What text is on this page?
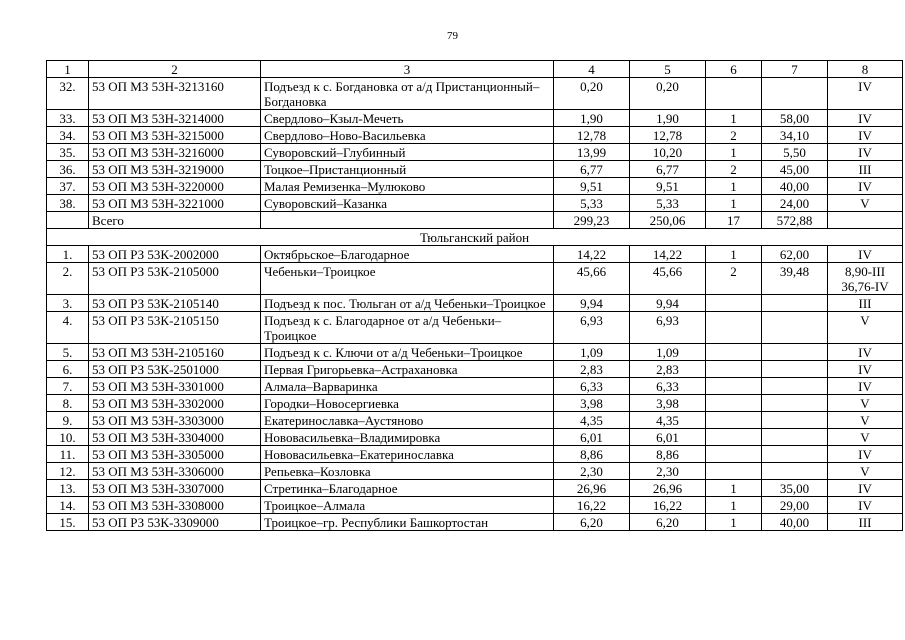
79
1	2	3	4	5	6	7	8
32.	53 ОП МЗ 53Н-3213160	Подъезд к с. Богдановка от а/д Пристанционный–Богдановка	0,20	0,20			IV
33.	53 ОП МЗ 53Н-3214000	Свердлово–Кзыл-Мечеть	1,90	1,90	1	58,00	IV
34.	53 ОП МЗ 53Н-3215000	Свердлово–Ново-Васильевка	12,78	12,78	2	34,10	IV
35.	53 ОП МЗ 53Н-3216000	Суворовский–Глубинный	13,99	10,20	1	5,50	IV
36.	53 ОП МЗ 53Н-3219000	Тоцкое–Пристанционный	6,77	6,77	2	45,00	III
37.	53 ОП МЗ 53Н-3220000	Малая Ремизенка–Мулюково	9,51	9,51	1	40,00	IV
38.	53 ОП МЗ 53Н-3221000	Суворовский–Казанка	5,33	5,33	1	24,00	V
	Всего		299,23	250,06	17	572,88	
Тюльганский район							
1.	53 ОП РЗ 53К-2002000	Октябрьское–Благодарное	14,22	14,22	1	62,00	IV
2.	53 ОП РЗ 53К-2105000	Чебеньки–Троицкое	45,66	45,66	2	39,48	8,90-III 36,76-IV
3.	53 ОП РЗ 53К-2105140	Подъезд к пос. Тюльган от а/д Чебеньки–Троицкое	9,94	9,94			III
4.	53 ОП РЗ 53К-2105150	Подъезд к с. Благодарное от а/д Чебеньки–Троицкое	6,93	6,93			V
5.	53 ОП МЗ 53Н-2105160	Подъезд к с. Ключи от а/д Чебеньки–Троицкое	1,09	1,09			IV
6.	53 ОП РЗ 53К-2501000	Первая Григорьевка–Астрахановка	2,83	2,83			IV
7.	53 ОП МЗ 53Н-3301000	Алмала–Варваринка	6,33	6,33			IV
8.	53 ОП МЗ 53Н-3302000	Городки–Новосергиевка	3,98	3,98			V
9.	53 ОП МЗ 53Н-3303000	Екатеринославка–Аустяново	4,35	4,35			V
10.	53 ОП МЗ 53Н-3304000	Нововасильевка–Владимировка	6,01	6,01			V
11.	53 ОП МЗ 53Н-3305000	Нововасильевка–Екатеринославка	8,86	8,86			IV
12.	53 ОП МЗ 53Н-3306000	Репьевка–Козловка	2,30	2,30			V
13.	53 ОП МЗ 53Н-3307000	Стретинка–Благодарное	26,96	26,96	1	35,00	IV
14.	53 ОП МЗ 53Н-3308000	Троицкое–Алмала	16,22	16,22	1	29,00	IV
15.	53 ОП РЗ 53К-3309000	Троицкое–гр. Республики Башкортостан	6,20	6,20	1	40,00	III
